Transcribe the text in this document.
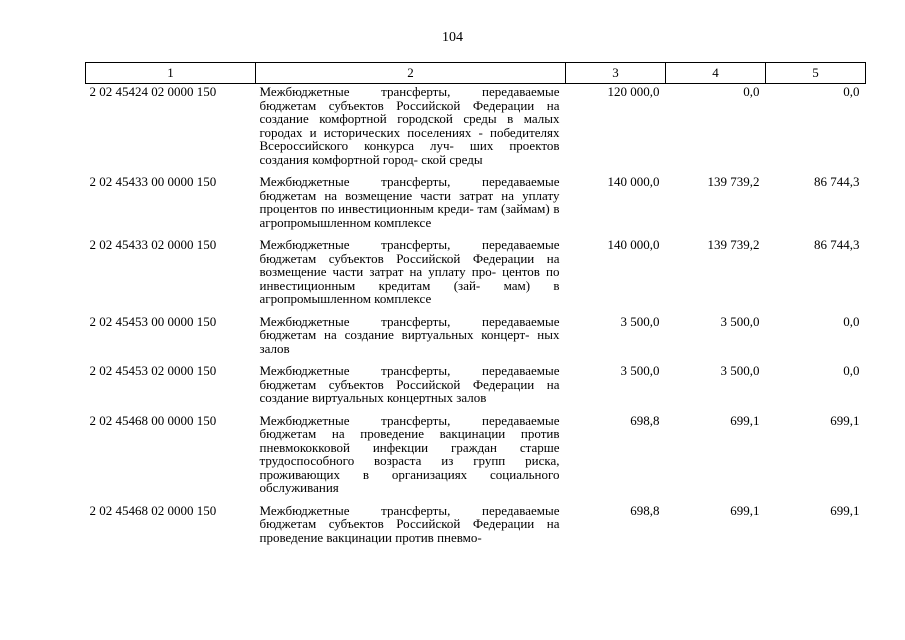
104
1	2	3	4	5
2 02 45424 02 0000 150	Межбюджетные трансферты, передаваемые бюджетам субъектов Российской Федерации на создание комфортной городской среды в малых городах и исторических поселениях - победителях Всероссийского конкурса луч- ших проектов создания комфортной город- ской среды	120 000,0	0,0	0,0
2 02 45433 00 0000 150	Межбюджетные трансферты, передаваемые бюджетам на возмещение части затрат на уплату процентов по инвестиционным креди- там (займам) в агропромышленном комплексе	140 000,0	139 739,2	86 744,3
2 02 45433 02 0000 150	Межбюджетные трансферты, передаваемые бюджетам субъектов Российской Федерации на возмещение части затрат на уплату про- центов по инвестиционным кредитам (зай- мам) в агропромышленном комплексе	140 000,0	139 739,2	86 744,3
2 02 45453 00 0000 150	Межбюджетные трансферты, передаваемые бюджетам на создание виртуальных концерт- ных залов	3 500,0	3 500,0	0,0
2 02 45453 02 0000 150	Межбюджетные трансферты, передаваемые бюджетам субъектов Российской Федерации на создание виртуальных концертных залов	3 500,0	3 500,0	0,0
2 02 45468 00 0000 150	Межбюджетные трансферты, передаваемые бюджетам на проведение вакцинации против пневмококковой инфекции граждан старше трудоспособного возраста из групп риска, проживающих в организациях социального обслуживания	698,8	699,1	699,1
2 02 45468 02 0000 150	Межбюджетные трансферты, передаваемые бюджетам субъектов Российской Федерации на проведение вакцинации против пневмо-	698,8	699,1	699,1
